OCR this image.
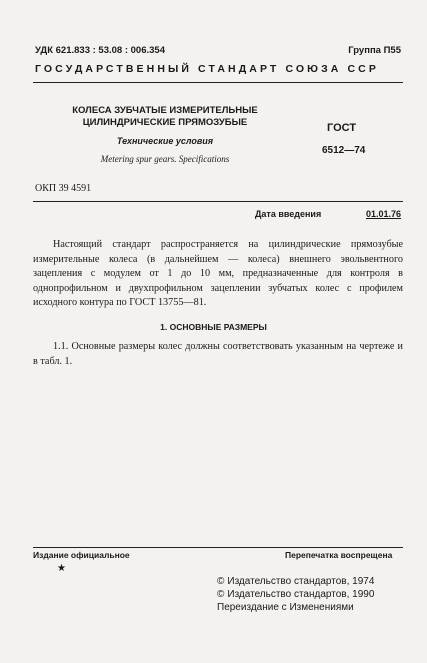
УДК 621.833 : 53.08 : 006.354	Группа П55
ГОСУДАРСТВЕННЫЙ СТАНДАРТ СОЮЗА ССР
КОЛЕСА ЗУБЧАТЫЕ ИЗМЕРИТЕЛЬНЫЕ ЦИЛИНДРИЧЕСКИЕ ПРЯМОЗУБЫЕ
Технические условия
Metering spur gears. Specifications
ГОСТ
6512—74
ОКП 39 4591
Дата введения	01.01.76
Настоящий стандарт распространяется на цилиндрические прямозубые измерительные колеса (в дальнейшем — колеса) внешнего эвольвентного зацепления с модулем от 1 до 10 мм, предназначенные для контроля в однопрофильном и двухпрофильном зацеплении зубчатых колес с профилем исходного контура по ГОСТ 13755—81.
1. ОСНОВНЫЕ РАЗМЕРЫ
1.1. Основные размеры колес должны соответствовать указанным на чертеже и в табл. 1.
Издание официальное	Перепечатка воспрещена
★
© Издательство стандартов, 1974
© Издательство стандартов, 1990
Переиздание с Изменениями
